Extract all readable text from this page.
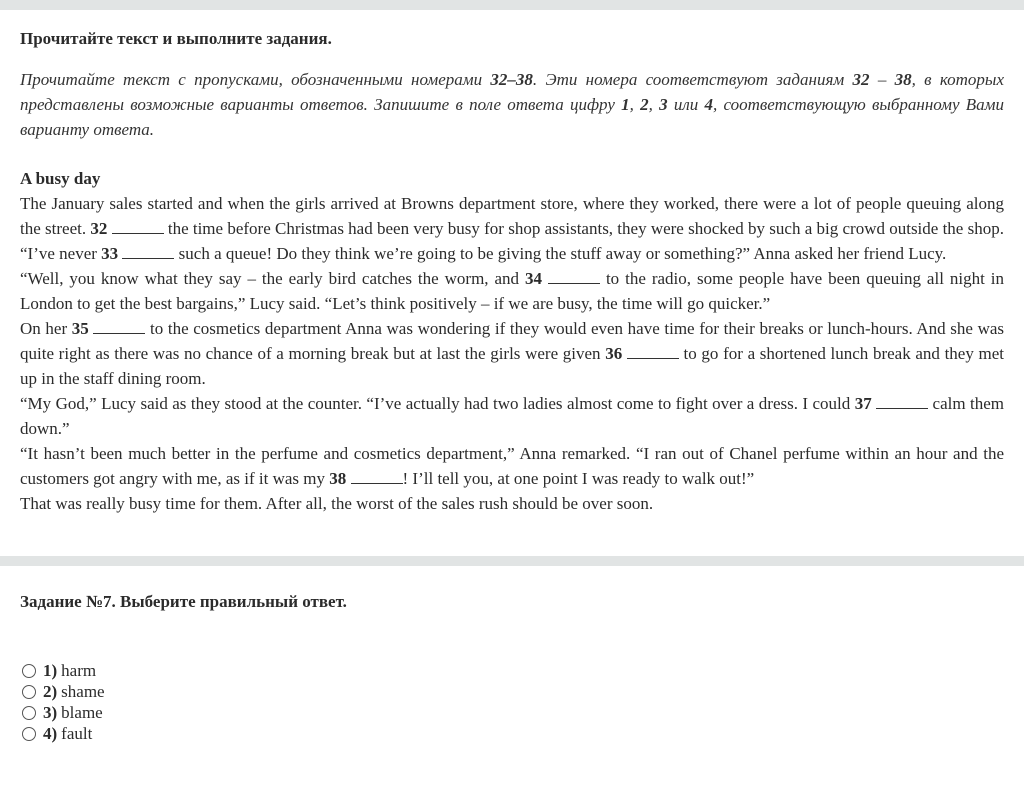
Прочитайте текст и выполните задания.
Прочитайте текст с пропусками, обозначенными номерами 32–38. Эти номера соответствуют заданиям 32 – 38, в которых представлены возможные варианты ответов. Запишите в поле ответа цифру 1, 2, 3 или 4, соответствующую выбранному Вами варианту ответа.
A busy day
The January sales started and when the girls arrived at Browns department store, where they worked, there were a lot of people queuing along the street. 32	the time before Christmas had been very busy for shop assistants, they were shocked by such a big crowd outside the shop.
“I’ve never 33	such a queue! Do they think we’re going to be giving the stuff away or something?” Anna asked her friend Lucy.
“Well, you know what they say – the early bird catches the worm, and 34	to the radio, some people have been queuing all night in London to get the best bargains,” Lucy said. “Let’s think positively – if we are busy, the time will go quicker.”
On her 35	to the cosmetics department Anna was wondering if they would even have time for their breaks or lunch-hours. And she was quite right as there was no chance of a morning break but at last the girls were given 36	to go for a shortened lunch break and they met up in the staff dining room.
“My God,” Lucy said as they stood at the counter. “I’ve actually had two ladies almost come to fight over a dress. I could 37	calm them down.”
“It hasn’t been much better in the perfume and cosmetics department,” Anna remarked. “I ran out of Chanel perfume within an hour and the customers got angry with me, as if it was my 38	! I’ll tell you, at one point I was ready to walk out!”
That was really busy time for them. After all, the worst of the sales rush should be over soon.
Задание №7. Выберите правильный ответ.
1) harm
2) shame
3) blame
4) fault
